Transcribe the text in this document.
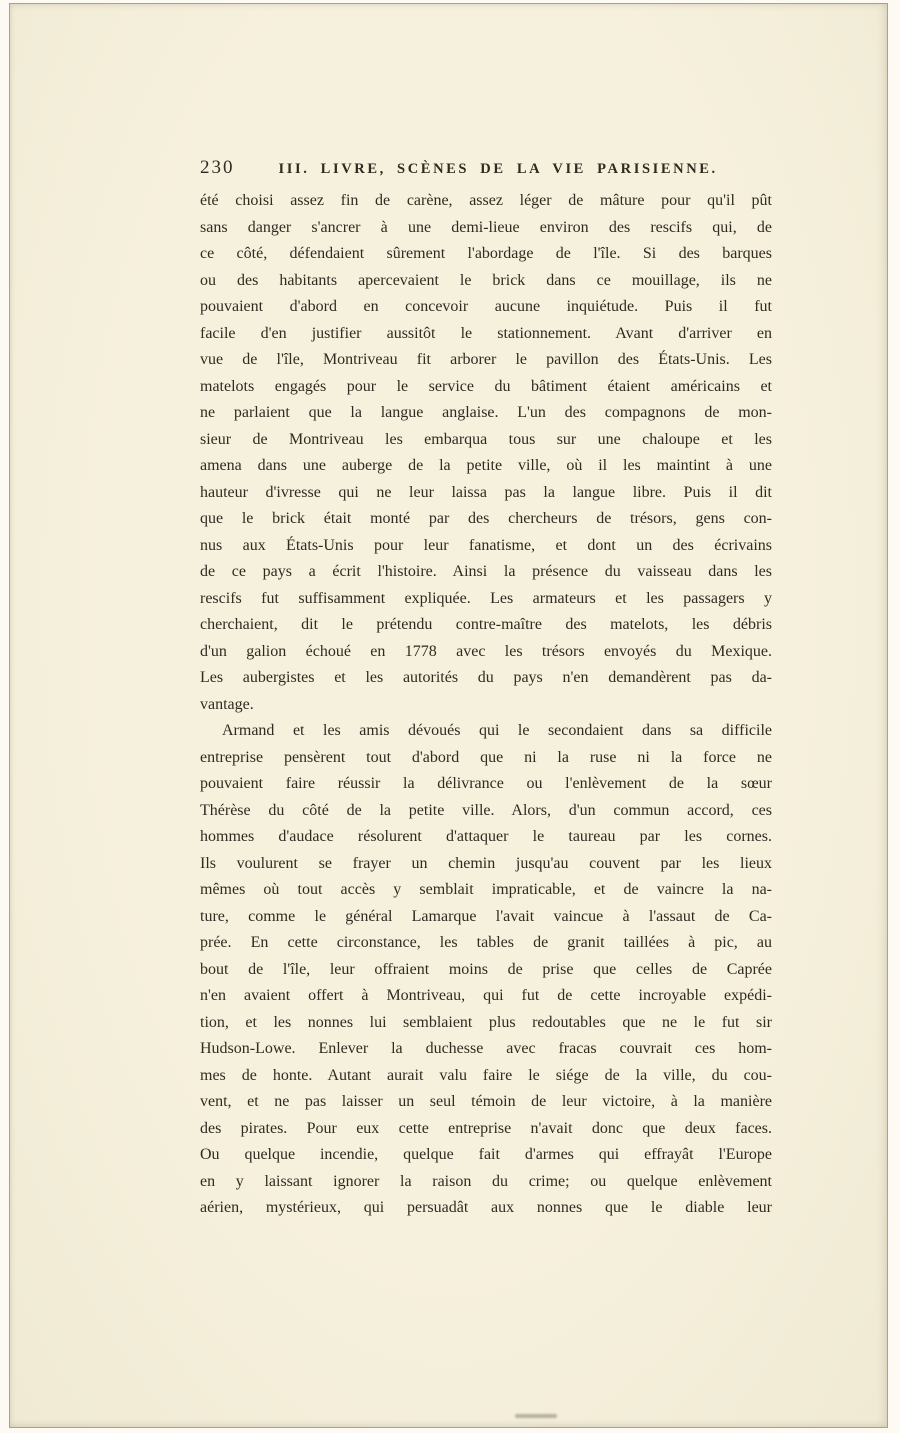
230	III. LIVRE, SCÈNES DE LA VIE PARISIENNE.
été choisi assez fin de carène, assez léger de mâture pour qu'il pût
sans danger s'ancrer à une demi-lieue environ des rescifs qui, de
ce côté, défendaient sûrement l'abordage de l'île. Si des barques
ou des habitants apercevaient le brick dans ce mouillage, ils ne
pouvaient d'abord en concevoir aucune inquiétude. Puis il fut
facile d'en justifier aussitôt le stationnement. Avant d'arriver en
vue de l'île, Montriveau fit arborer le pavillon des États-Unis. Les
matelots engagés pour le service du bâtiment étaient américains et
ne parlaient que la langue anglaise. L'un des compagnons de mon-
sieur de Montriveau les embarqua tous sur une chaloupe et les
amena dans une auberge de la petite ville, où il les maintint à une
hauteur d'ivresse qui ne leur laissa pas la langue libre. Puis il dit
que le brick était monté par des chercheurs de trésors, gens con-
nus aux États-Unis pour leur fanatisme, et dont un des écrivains
de ce pays a écrit l'histoire. Ainsi la présence du vaisseau dans les
rescifs fut suffisamment expliquée. Les armateurs et les passagers y
cherchaient, dit le prétendu contre-maître des matelots, les débris
d'un galion échoué en 1778 avec les trésors envoyés du Mexique.
Les aubergistes et les autorités du pays n'en demandèrent pas da-
vantage.
Armand et les amis dévoués qui le secondaient dans sa difficile
entreprise pensèrent tout d'abord que ni la ruse ni la force ne
pouvaient faire réussir la délivrance ou l'enlèvement de la sœur
Thérèse du côté de la petite ville. Alors, d'un commun accord, ces
hommes d'audace résolurent d'attaquer le taureau par les cornes.
Ils voulurent se frayer un chemin jusqu'au couvent par les lieux
mêmes où tout accès y semblait impraticable, et de vaincre la na-
ture, comme le général Lamarque l'avait vaincue à l'assaut de Ca-
prée. En cette circonstance, les tables de granit taillées à pic, au
bout de l'île, leur offraient moins de prise que celles de Caprée
n'en avaient offert à Montriveau, qui fut de cette incroyable expédi-
tion, et les nonnes lui semblaient plus redoutables que ne le fut sir
Hudson-Lowe. Enlever la duchesse avec fracas couvrait ces hom-
mes de honte. Autant aurait valu faire le siége de la ville, du cou-
vent, et ne pas laisser un seul témoin de leur victoire, à la manière
des pirates. Pour eux cette entreprise n'avait donc que deux faces.
Ou quelque incendie, quelque fait d'armes qui effrayât l'Europe
en y laissant ignorer la raison du crime; ou quelque enlèvement
aérien, mystérieux, qui persuadât aux nonnes que le diable leur
